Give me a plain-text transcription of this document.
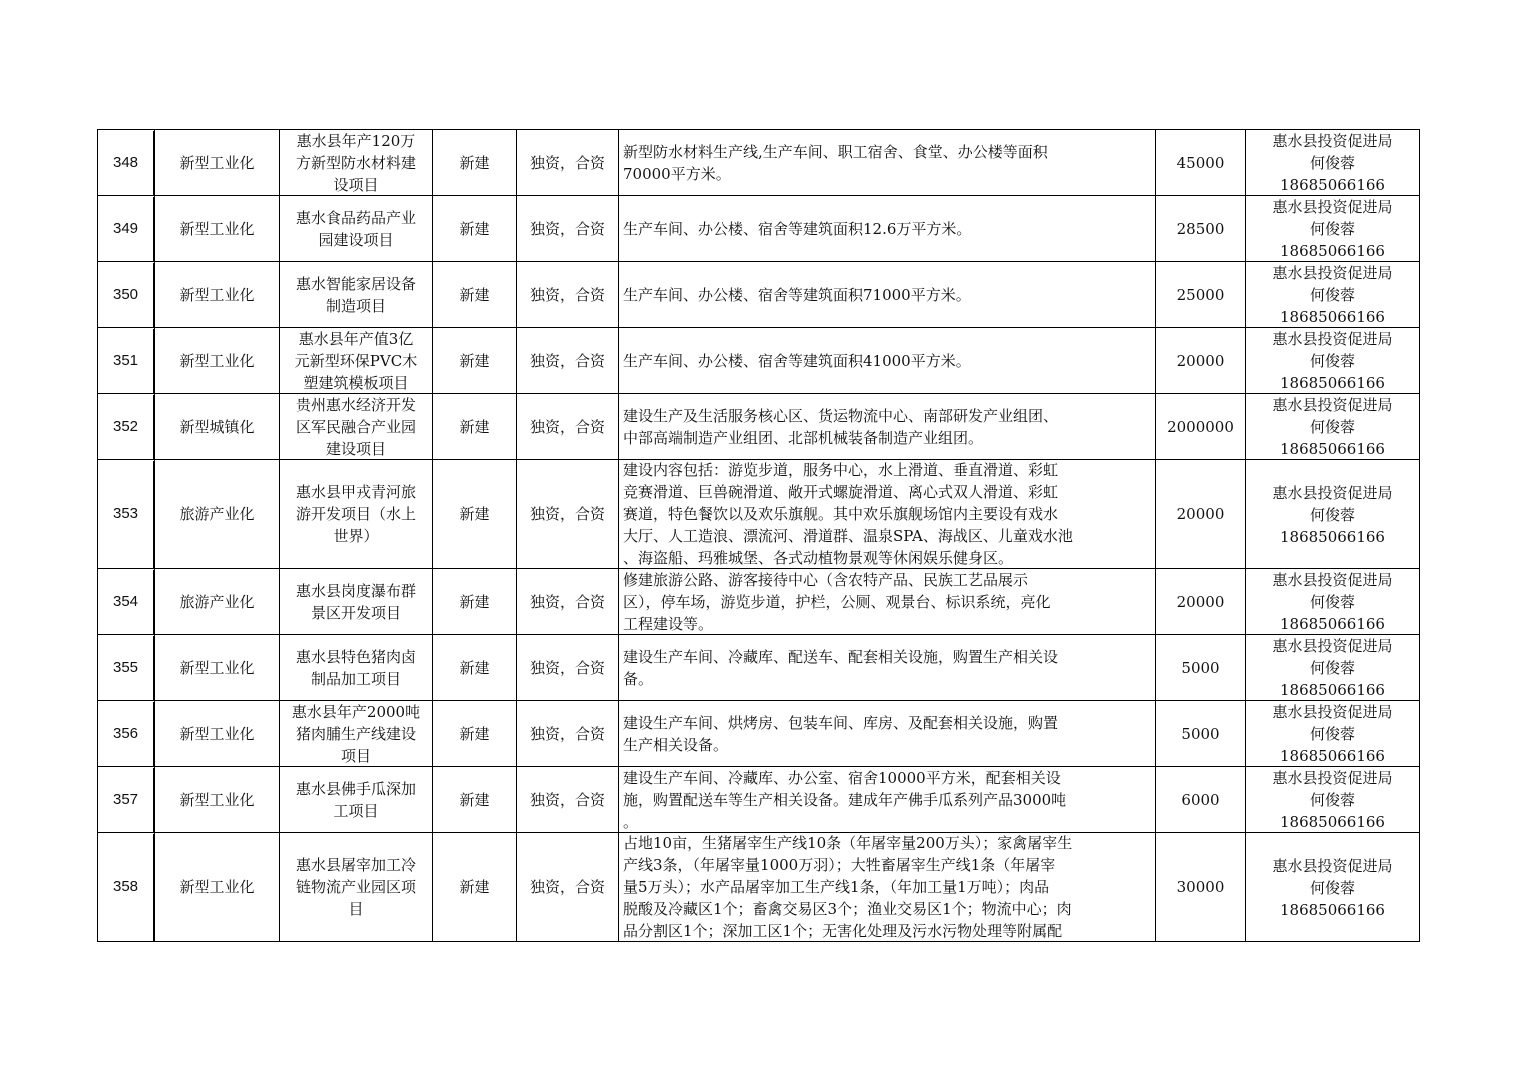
348	新型工业化	惠水县年产120万
方新型防水材料建
设项目	新建	独资，合资	新型防水材料生产线,生产车间、职工宿舍、食堂、办公楼等面积
70000平方米。	45000	惠水县投资促进局
何俊蓉
18685066166

349	新型工业化	惠水食品药品产业
园建设项目	新建	独资，合资	生产车间、办公楼、宿舍等建筑面积12.6万平方米。	28500	惠水县投资促进局
何俊蓉
18685066166

350	新型工业化	惠水智能家居设备
制造项目	新建	独资，合资	生产车间、办公楼、宿舍等建筑面积71000平方米。	25000	惠水县投资促进局
何俊蓉
18685066166

351	新型工业化	惠水县年产值3亿
元新型环保PVC木
塑建筑模板项目	新建	独资，合资	生产车间、办公楼、宿舍等建筑面积41000平方米。	20000	惠水县投资促进局
何俊蓉
18685066166

352	新型城镇化	贵州惠水经济开发
区军民融合产业园
建设项目	新建	独资，合资	建设生产及生活服务核心区、货运物流中心、南部研发产业组团、
中部高端制造产业组团、北部机械装备制造产业组团。	2000000	惠水县投资促进局
何俊蓉
18685066166

353	旅游产业化	惠水县甲戎青河旅
游开发项目（水上
世界）	新建	独资，合资	建设内容包括：游览步道，服务中心，水上滑道、垂直滑道、彩虹
竞赛滑道、巨兽碗滑道、敞开式螺旋滑道、离心式双人滑道、彩虹
赛道，特色餐饮以及欢乐旗舰。其中欢乐旗舰场馆内主要设有戏水
大厅、人工造浪、漂流河、滑道群、温泉SPA、海战区、儿童戏水池
、海盗船、玛雅城堡、各式动植物景观等休闲娱乐健身区。	20000	惠水县投资促进局
何俊蓉
18685066166

354	旅游产业化	惠水县岗度瀑布群
景区开发项目	新建	独资，合资	修建旅游公路、游客接待中心（含农特产品、民族工艺品展示
区），停车场，游览步道，护栏，公厕、观景台、标识系统，亮化
工程建设等。	20000	惠水县投资促进局
何俊蓉
18685066166

355	新型工业化	惠水县特色猪肉卤
制品加工项目	新建	独资，合资	建设生产车间、冷藏库、配送车、配套相关设施，购置生产相关设
备。	5000	惠水县投资促进局
何俊蓉
18685066166

356	新型工业化	惠水县年产2000吨
猪肉脯生产线建设
项目	新建	独资，合资	建设生产车间、烘烤房、包装车间、库房、及配套相关设施，购置
生产相关设备。	5000	惠水县投资促进局
何俊蓉
18685066166

357	新型工业化	惠水县佛手瓜深加
工项目	新建	独资，合资	建设生产车间、冷藏库、办公室、宿舍10000平方米，配套相关设
施，购置配送车等生产相关设备。建成年产佛手瓜系列产品3000吨
。	6000	惠水县投资促进局
何俊蓉
18685066166

358	新型工业化	惠水县屠宰加工冷
链物流产业园区项
目	新建	独资，合资	占地10亩，生猪屠宰生产线10条（年屠宰量200万头）；家禽屠宰生
产线3条，（年屠宰量1000万羽）；大牲畜屠宰生产线1条（年屠宰
量5万头）；水产品屠宰加工生产线1条，（年加工量1万吨）；肉品
脱酸及冷藏区1个；畜禽交易区3个；渔业交易区1个；物流中心；肉
品分割区1个；深加工区1个；无害化处理及污水污物处理等附属配	30000	惠水县投资促进局
何俊蓉
18685066166
